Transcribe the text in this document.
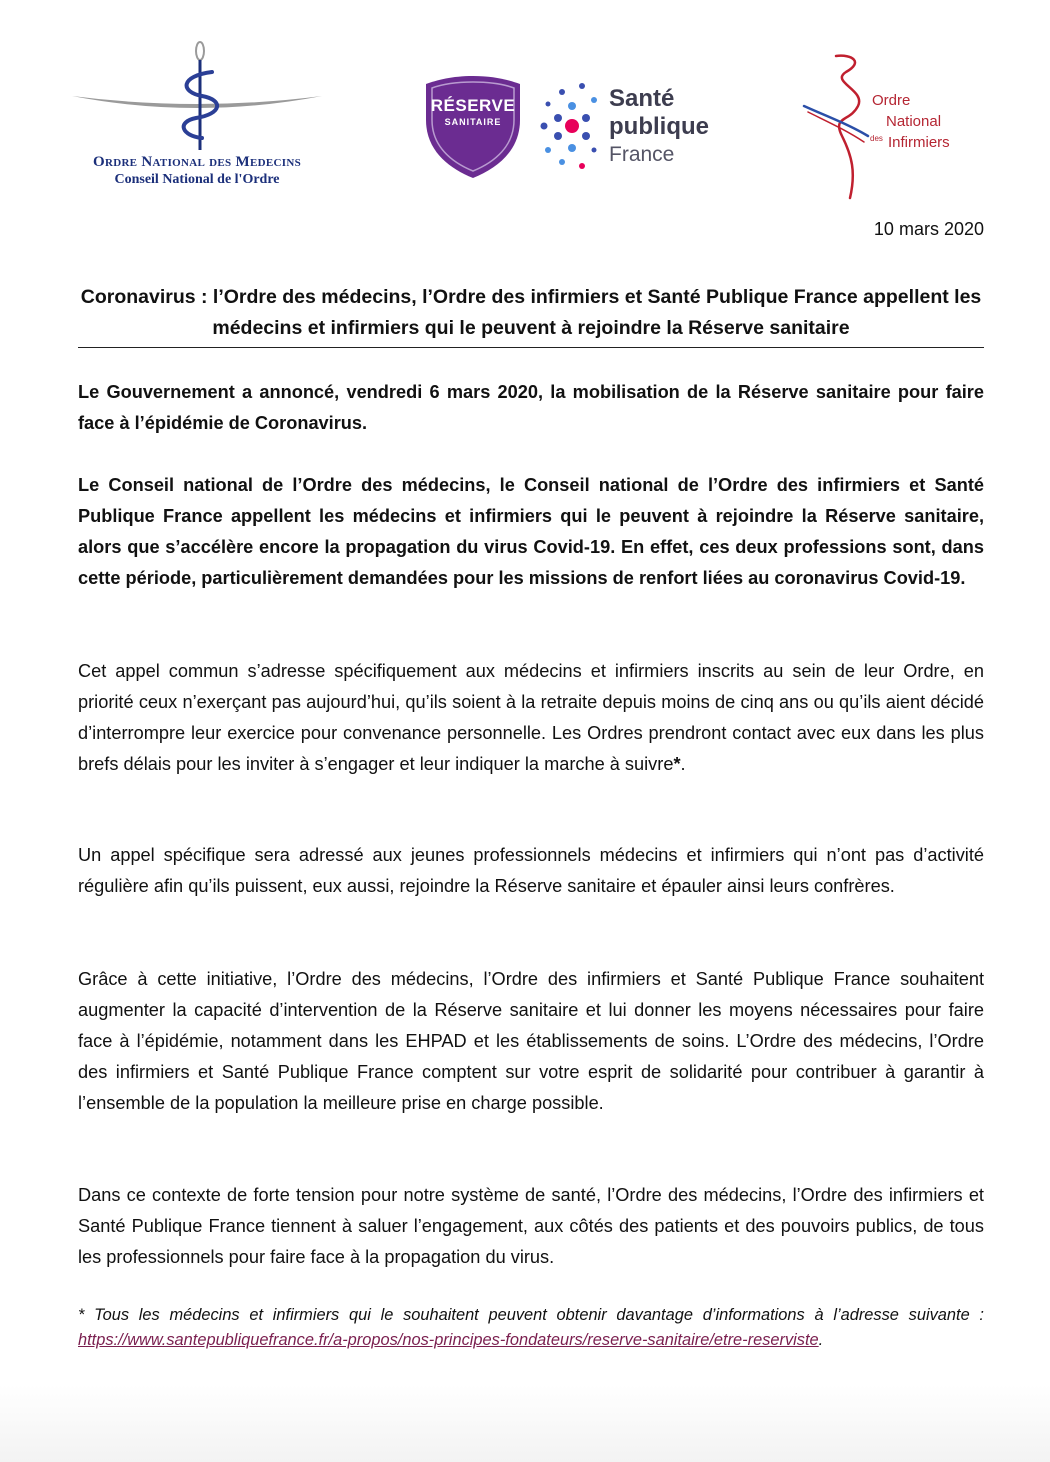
Ordre National des Medecins
Conseil National de l'Ordre
RÉSERVE
SANITAIRE
Santé
publique
France
Ordre
National
des Infirmiers
10 mars 2020
Coronavirus : l’Ordre des médecins, l’Ordre des infirmiers et Santé Publique France appellent les médecins et infirmiers qui le peuvent à rejoindre la Réserve sanitaire

Le Gouvernement a annoncé, vendredi 6 mars 2020, la mobilisation de la Réserve sanitaire pour faire face à l’épidémie de Coronavirus.

Le Conseil national de l’Ordre des médecins, le Conseil national de l’Ordre des infirmiers et Santé Publique France appellent les médecins et infirmiers qui le peuvent à rejoindre la Réserve sanitaire, alors que s’accélère encore la propagation du virus Covid-19. En effet, ces deux professions sont, dans cette période, particulièrement demandées pour les missions de renfort liées au coronavirus Covid-19.

Cet appel commun s’adresse spécifiquement aux médecins et infirmiers inscrits au sein de leur Ordre, en priorité ceux n’exerçant pas aujourd’hui, qu’ils soient à la retraite depuis moins de cinq ans ou qu’ils aient décidé d’interrompre leur exercice pour convenance personnelle. Les Ordres prendront contact avec eux dans les plus brefs délais pour les inviter à s’engager et leur indiquer la marche à suivre*.

Un appel spécifique sera adressé aux jeunes professionnels médecins et infirmiers qui n’ont pas d’activité régulière afin qu’ils puissent, eux aussi, rejoindre la Réserve sanitaire et épauler ainsi leurs confrères.

Grâce à cette initiative, l’Ordre des médecins, l’Ordre des infirmiers et Santé Publique France souhaitent augmenter la capacité d’intervention de la Réserve sanitaire et lui donner les moyens nécessaires pour faire face à l’épidémie, notamment dans les EHPAD et les établissements de soins. L’Ordre des médecins, l’Ordre des infirmiers et Santé Publique France comptent sur votre esprit de solidarité pour contribuer à garantir à l’ensemble de la population la meilleure prise en charge possible.

Dans ce contexte de forte tension pour notre système de santé, l’Ordre des médecins, l’Ordre des infirmiers et Santé Publique France tiennent à saluer l’engagement, aux côtés des patients et des pouvoirs publics, de tous les professionnels pour faire face à la propagation du virus.

* Tous les médecins et infirmiers qui le souhaitent peuvent obtenir davantage d’informations à l’adresse suivante : https://www.santepubliquefrance.fr/a-propos/nos-principes-fondateurs/reserve-sanitaire/etre-reserviste.
